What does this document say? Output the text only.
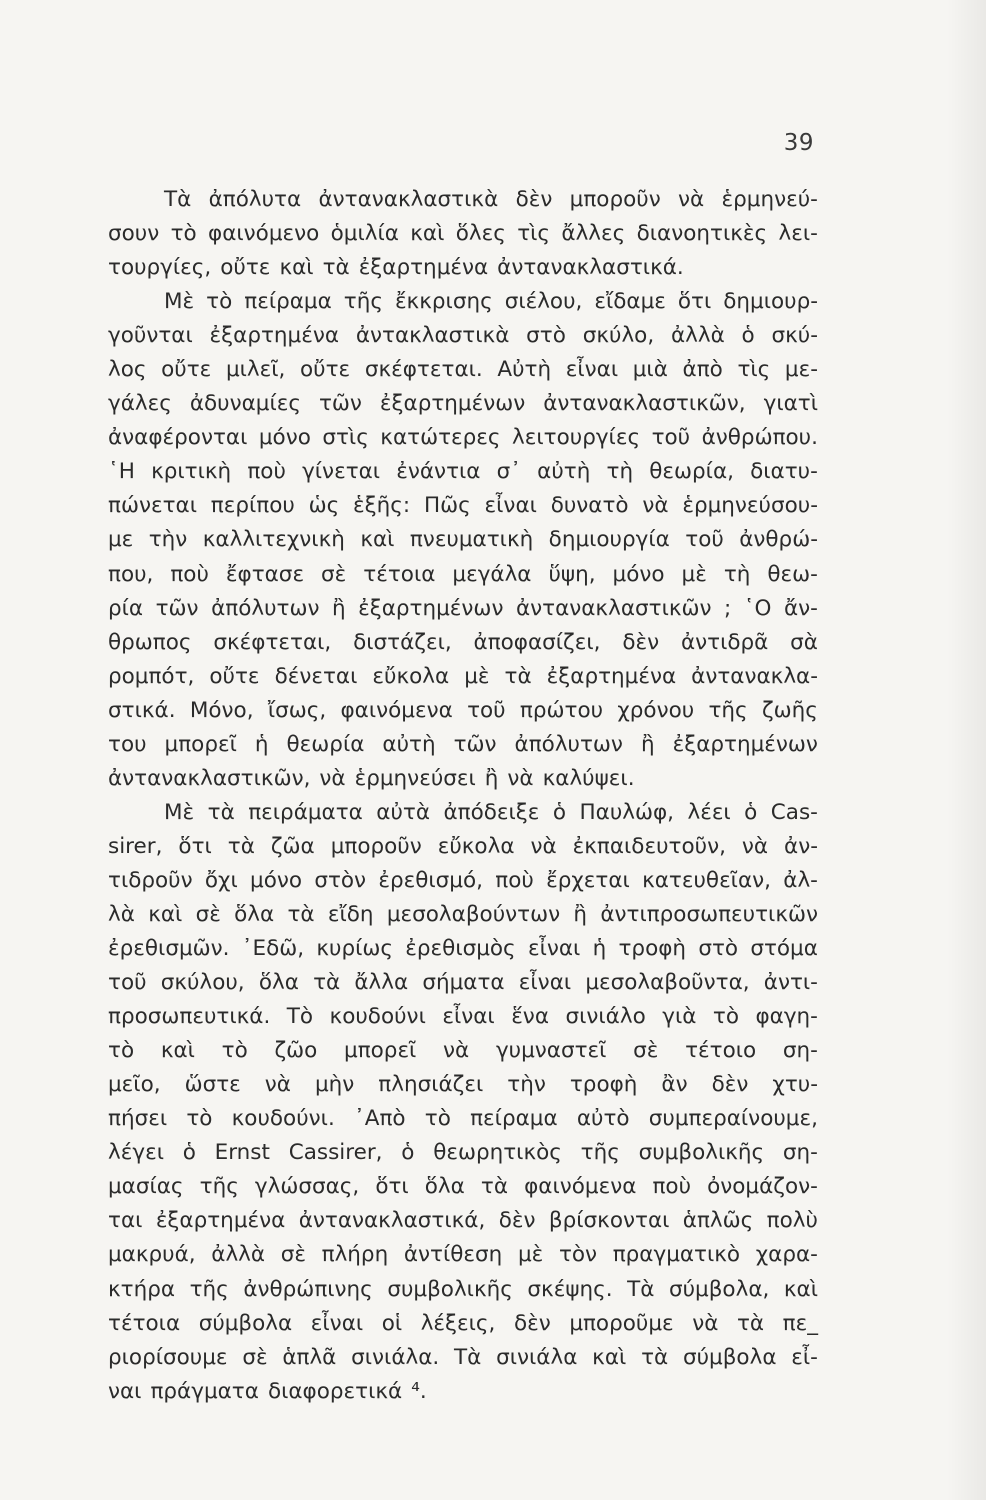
39
Τὰ ἀπόλυτα ἀντανακλαστικὰ δὲν μποροῦν νὰ ἑρμηνεύ-
σουν τὸ φαινόμενο ὁμιλία καὶ ὅλες τὶς ἄλλες διανοητικὲς λει-
τουργίες, οὔτε καὶ τὰ ἐξαρτημένα ἀντανακλαστικά.
Μὲ τὸ πείραμα τῆς ἔκκρισης σιέλου, εἴδαμε ὅτι δημιουρ-
γοῦνται ἐξαρτημένα ἀντακλαστικὰ στὸ σκύλο, ἀλλὰ ὁ σκύ-
λος οὔτε μιλεῖ, οὔτε σκέφτεται. Αὐτὴ εἶναι μιὰ ἀπὸ τὶς με-
γάλες ἀδυναμίες τῶν ἐξαρτημένων ἀντανακλαστικῶν, γιατὶ
ἀναφέρονται μόνο στὶς κατώτερες λειτουργίες τοῦ ἀνθρώπου.
῾Η κριτικὴ ποὺ γίνεται ἐνάντια σ᾽ αὐτὴ τὴ θεωρία, διατυ-
πώνεται περίπου ὡς ἑξῆς: Πῶς εἶναι δυνατὸ νὰ ἑρμηνεύσου-
με τὴν καλλιτεχνικὴ καὶ πνευματικὴ δημιουργία τοῦ ἀνθρώ-
που, ποὺ ἔφτασε σὲ τέτοια μεγάλα ὕψη, μόνο μὲ τὴ θεω-
ρία τῶν ἀπόλυτων ἢ ἐξαρτημένων ἀντανακλαστικῶν ; ῾Ο ἄν-
θρωπος σκέφτεται, διστάζει, ἀποφασίζει, δὲν ἀντιδρᾶ σὰ
ρομπότ, οὔτε δένεται εὔκολα μὲ τὰ ἐξαρτημένα ἀντανακλα-
στικά. Μόνο, ἴσως, φαινόμενα τοῦ πρώτου χρόνου τῆς ζωῆς
του μπορεῖ ἡ θεωρία αὐτὴ τῶν ἀπόλυτων ἢ ἐξαρτημένων
ἀντανακλαστικῶν, νὰ ἑρμηνεύσει ἢ νὰ καλύψει.
Μὲ τὰ πειράματα αὐτὰ ἀπόδειξε ὁ Παυλώφ, λέει ὁ Cas-
sirer, ὅτι τὰ ζῶα μποροῦν εὔκολα νὰ ἐκπαιδευτοῦν, νὰ ἀν-
τιδροῦν ὄχι μόνο στὸν ἐρεθισμό, ποὺ ἔρχεται κατευθεῖαν, ἀλ-
λὰ καὶ σὲ ὅλα τὰ εἴδη μεσολαβούντων ἢ ἀντιπροσωπευτικῶν
ἐρεθισμῶν. ᾽Εδῶ, κυρίως ἐρεθισμὸς εἶναι ἡ τροφὴ στὸ στόμα
τοῦ σκύλου, ὅλα τὰ ἄλλα σήματα εἶναι μεσολαβοῦντα, ἀντι-
προσωπευτικά. Τὸ κουδούνι εἶναι ἕνα σινιάλο γιὰ τὸ φαγη-
τὸ καὶ τὸ ζῶο μπορεῖ νὰ γυμναστεῖ σὲ τέτοιο ση-
μεῖο, ὥστε νὰ μὴν πλησιάζει τὴν τροφὴ ἂν δὲν χτυ-
πήσει τὸ κουδούνι. ᾽Απὸ τὸ πείραμα αὐτὸ συμπεραίνουμε,
λέγει ὁ Ernst Cassirer, ὁ θεωρητικὸς τῆς συμβολικῆς ση-
μασίας τῆς γλώσσας, ὅτι ὅλα τὰ φαινόμενα ποὺ ὀνομάζον-
ται ἐξαρτημένα ἀντανακλαστικά, δὲν βρίσκονται ἁπλῶς πολὺ
μακρυά, ἀλλὰ σὲ πλήρη ἀντίθεση μὲ τὸν πραγματικὸ χαρα-
κτήρα τῆς ἀνθρώπινης συμβολικῆς σκέψης. Τὰ σύμβολα, καὶ
τέτοια σύμβολα εἶναι οἱ λέξεις, δὲν μποροῦμε νὰ τὰ πε_
ριορίσουμε σὲ ἁπλᾶ σινιάλα. Τὰ σινιάλα καὶ τὰ σύμβολα εἶ-
ναι πράγματα διαφορετικά ⁴.
